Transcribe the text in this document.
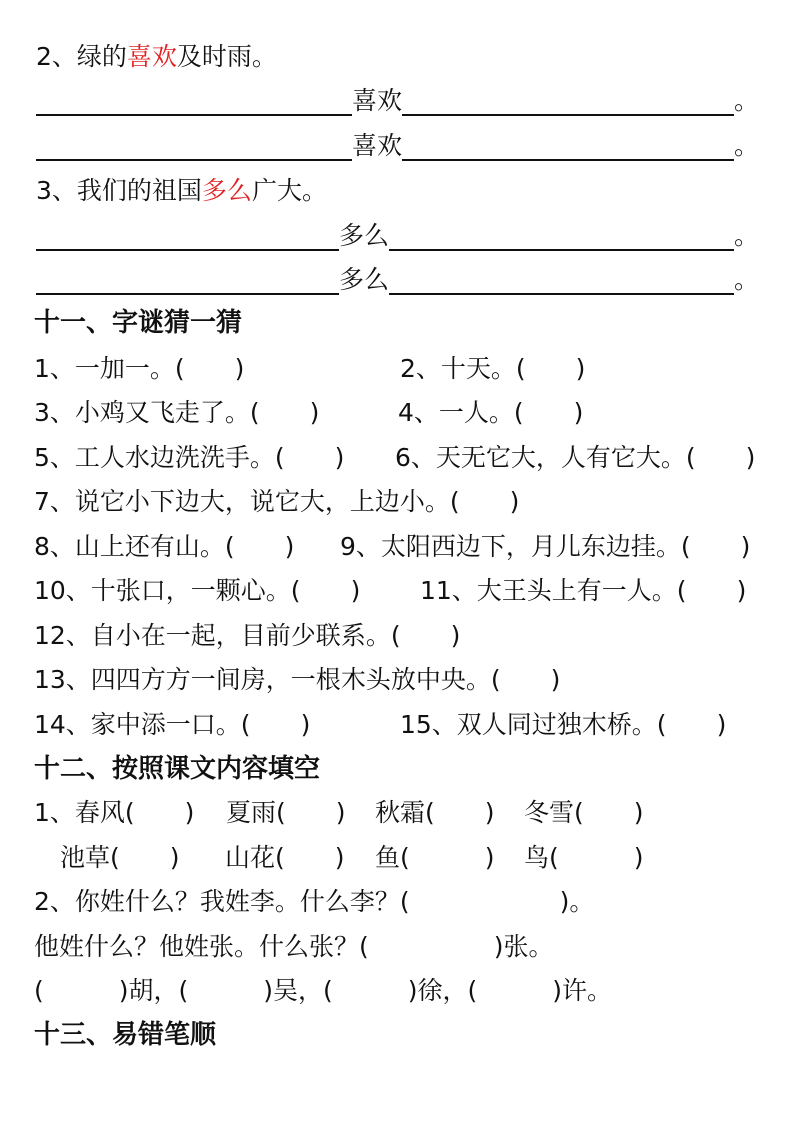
2、绿的喜欢及时雨。
喜欢	。
喜欢	。
3、我们的祖国多么广大。
多么	。
多么	。
十一、字谜猜一猜
1、一加一。(　　)	2、十天。(　　)
3、小鸡又飞走了。(　　)	4、一人。(　　)
5、工人水边洗洗手。(　　) 6、天无它大，人有它大。(　　)
7、说它小下边大，说它大，上边小。(　　)
8、山上还有山。(　　) 9、太阳西边下，月儿东边挂。(　　)
10、十张口，一颗心。(　　) 11、大王头上有一人。(　　)
12、自小在一起，目前少联系。(　　)
13、四四方方一间房，一根木头放中央。(　　)
14、家中添一口。(　　)	15、双人同过独木桥。(　　)
十二、按照课文内容填空
1、春风(　　) 夏雨(　　) 秋霜(　　) 冬雪(　　)
池草(　　) 山花(　　) 鱼(　　　) 鸟(　　　)
2、你姓什么？我姓李。什么李？(　　　　　　)。
他姓什么？他姓张。什么张？(　　　　　)张。
(　　　)胡，(　　　)吴，(　　　)徐，(　　　)许。
十三、易错笔顺
